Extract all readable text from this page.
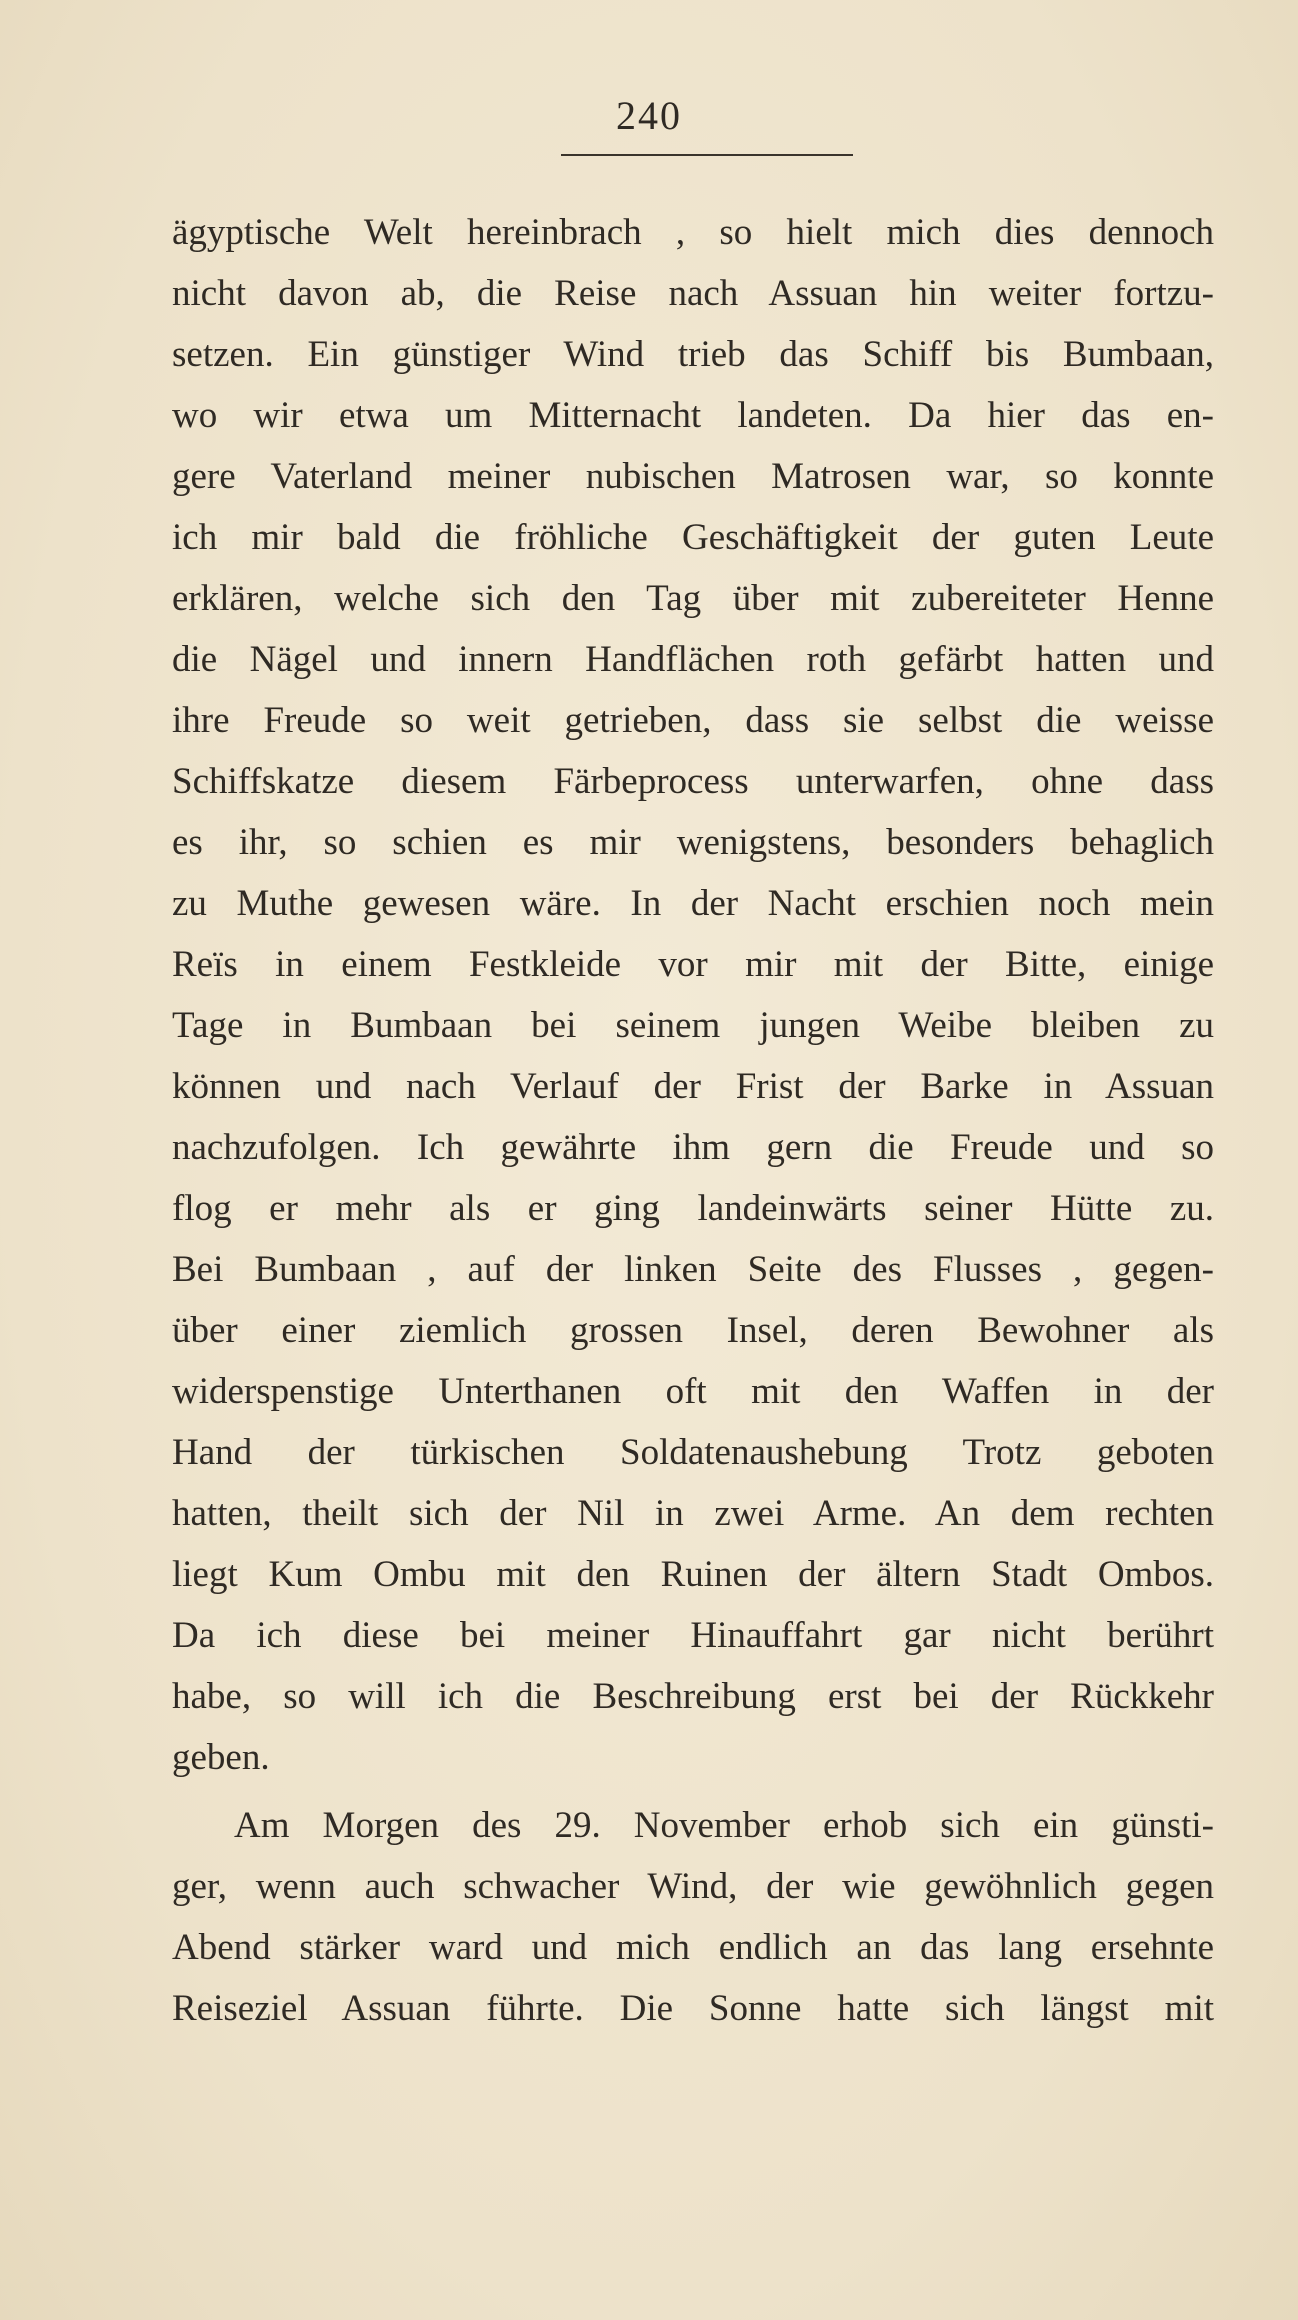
240

ägyptische Welt hereinbrach , so hielt mich dies dennoch
nicht davon ab, die Reise nach Assuan hin weiter fortzu-
setzen. Ein günstiger Wind trieb das Schiff bis Bumbaan,
wo wir etwa um Mitternacht landeten. Da hier das en-
gere Vaterland meiner nubischen Matrosen war, so konnte
ich mir bald die fröhliche Geschäftigkeit der guten Leute
erklären, welche sich den Tag über mit zubereiteter Henne
die Nägel und innern Handflächen roth gefärbt hatten und
ihre Freude so weit getrieben, dass sie selbst die weisse
Schiffskatze diesem Färbeprocess unterwarfen, ohne dass
es ihr, so schien es mir wenigstens, besonders behaglich
zu Muthe gewesen wäre. In der Nacht erschien noch mein
Reïs in einem Festkleide vor mir mit der Bitte, einige
Tage in Bumbaan bei seinem jungen Weibe bleiben zu
können und nach Verlauf der Frist der Barke in Assuan
nachzufolgen. Ich gewährte ihm gern die Freude und so
flog er mehr als er ging landeinwärts seiner Hütte zu.
Bei Bumbaan , auf der linken Seite des Flusses , gegen-
über einer ziemlich grossen Insel, deren Bewohner als
widerspenstige Unterthanen oft mit den Waffen in der
Hand der türkischen Soldatenaushebung Trotz geboten
hatten, theilt sich der Nil in zwei Arme. An dem rechten
liegt Kum Ombu mit den Ruinen der ältern Stadt Ombos.
Da ich diese bei meiner Hinauffahrt gar nicht berührt
habe, so will ich die Beschreibung erst bei der Rückkehr
geben.
Am Morgen des 29. November erhob sich ein günsti-
ger, wenn auch schwacher Wind, der wie gewöhnlich gegen
Abend stärker ward und mich endlich an das lang ersehnte
Reiseziel Assuan führte. Die Sonne hatte sich längst mit
